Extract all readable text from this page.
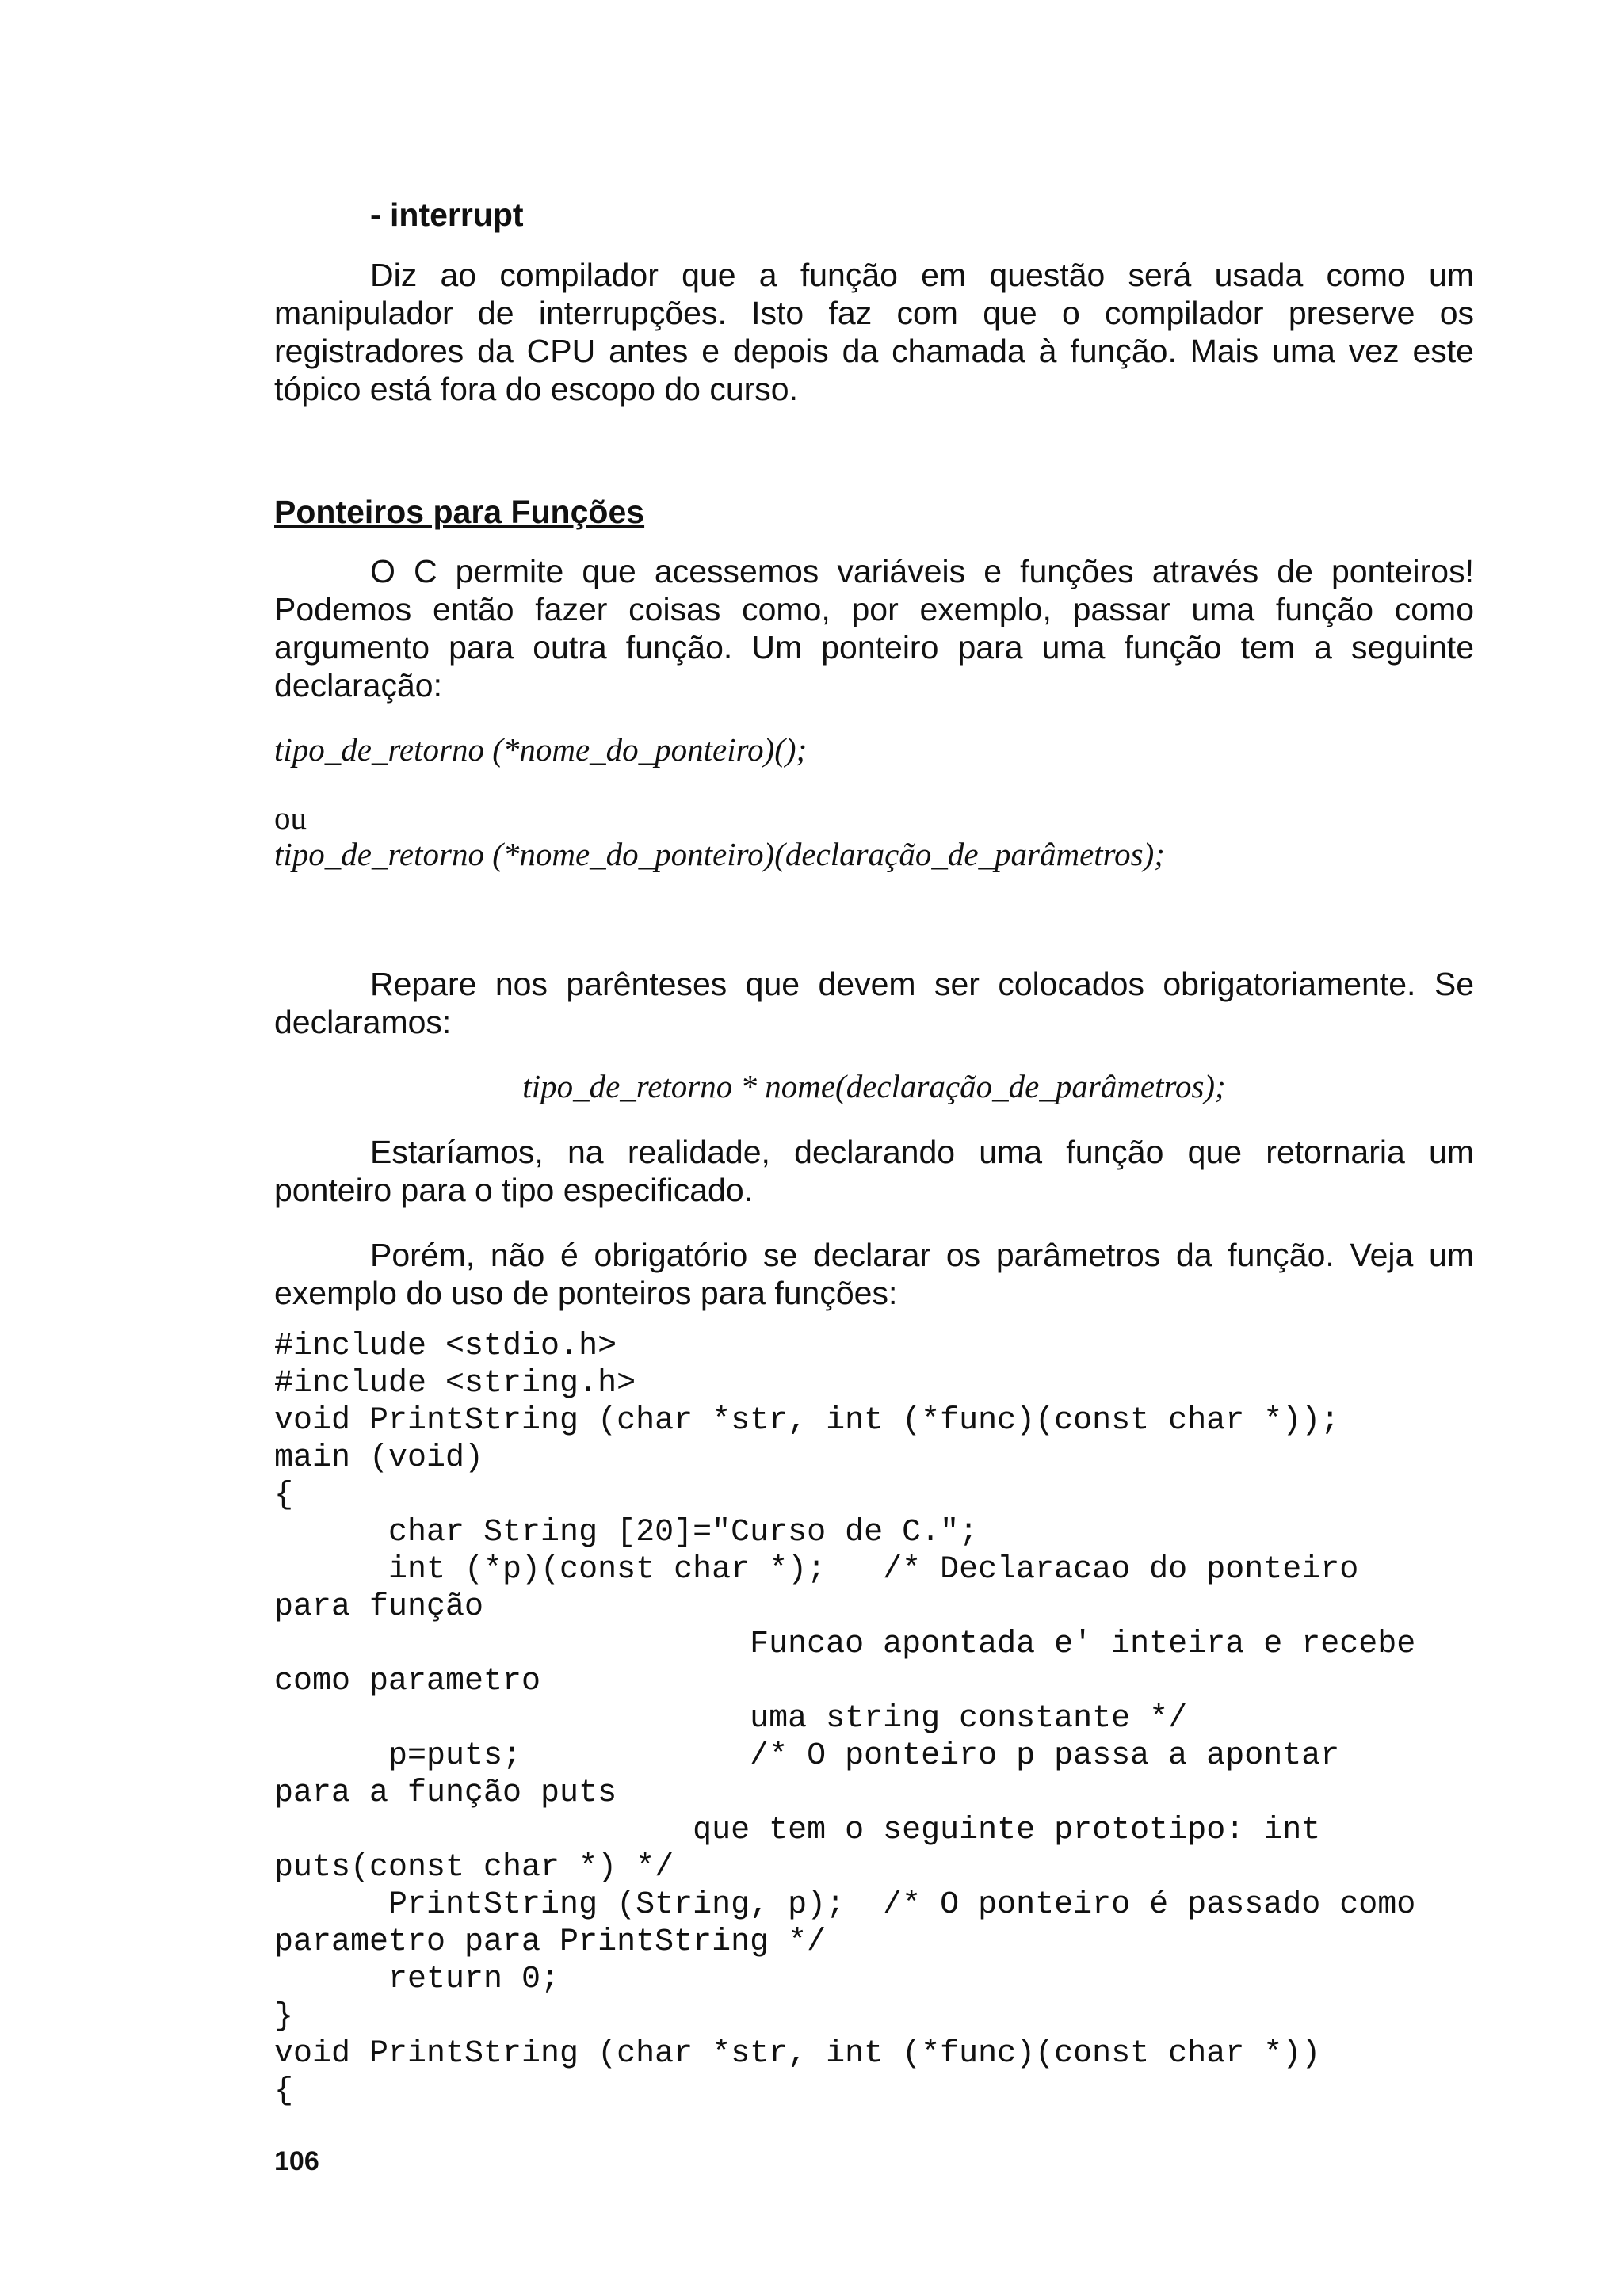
- interrupt

Diz ao compilador que a função em questão será usada como um
manipulador de interrupções. Isto faz com que o compilador preserve os
registradores da CPU antes e depois da chamada à função. Mais uma vez este
tópico está fora do escopo do curso.

Ponteiros para Funções

O C permite que acessemos variáveis e funções através de ponteiros!
Podemos então fazer coisas como, por exemplo, passar uma função como
argumento para outra função. Um ponteiro para uma função tem a seguinte
declaração:

tipo_de_retorno (*nome_do_ponteiro)();

ou

tipo_de_retorno (*nome_do_ponteiro)(declaração_de_parâmetros);

Repare nos parênteses que devem ser colocados obrigatoriamente. Se
declaramos:

tipo_de_retorno * nome(declaração_de_parâmetros);

Estaríamos, na realidade, declarando uma função que retornaria um
ponteiro para o tipo especificado.
Porém, não é obrigatório se declarar os parâmetros da função. Veja um
exemplo do uso de ponteiros para funções:
#include <stdio.h>
#include <string.h>
void PrintString (char *str, int (*func)(const char *));
main (void)
{
char String [20]="Curso de C.";
int (*p)(const char *);   /* Declaracao do ponteiro
para função
Funcao apontada e' inteira e recebe
como parametro
uma string constante */
p=puts;            /* O ponteiro p passa a apontar
para a função puts
que tem o seguinte prototipo: int
puts(const char *) */
PrintString (String, p);  /* O ponteiro é passado como
parametro para PrintString */
return 0;
}
void PrintString (char *str, int (*func)(const char *))
{

106
